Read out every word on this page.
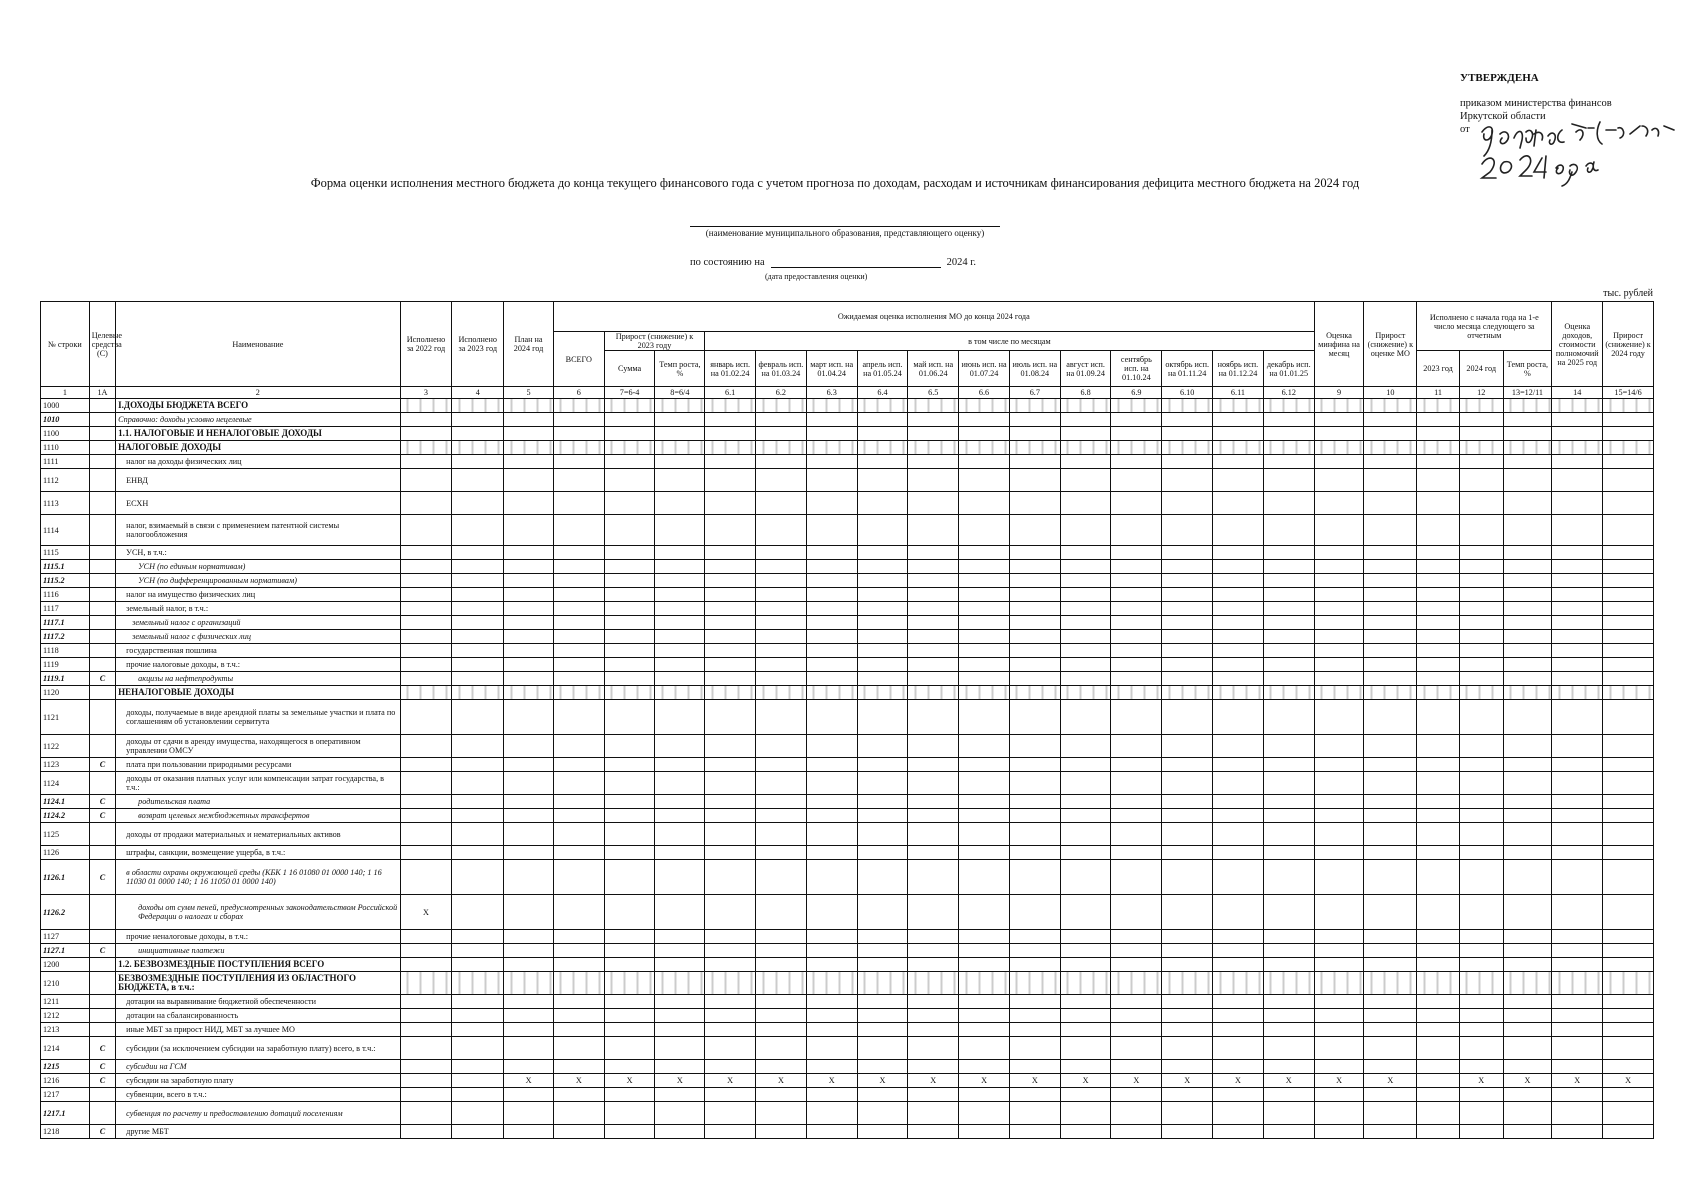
УТВЕРЖДЕНА
приказом министерства финансов
Иркутской области
от
Форма оценки исполнения местного бюджета до конца текущего финансового года с учетом прогноза по доходам, расходам и источникам финансирования дефицита местного бюджета на 2024 год
(наименование муниципального образования, представляющего оценку)
по состоянию на	2024 г.
(дата предоставления оценки)
тыс. рублей
№ строки	Целевые средства (С)	Наименование	Исполнено за 2022 год	Исполнено за 2023 год	План на 2024 год	Ожидаемая оценка исполнения МО до конца 2024 года															Оценка минфина на месяц	Прирост (снижение) к оценке МО	Исполнено с начала года на 1-е число месяца следующего за отчетным			Оценка доходов, стоимости полномочий на 2025 год	Прирост (снижение) к 2024 году
						ВСЕГО	Прирост (снижение) к 2023 году		в том числе по месяцам																		
							Сумма	Темп роста, %	январь исп. на 01.02.24	февраль исп. на 01.03.24	март исп. на 01.04.24	апрель исп. на 01.05.24	май исп. на 01.06.24	июнь исп. на 01.07.24	июль исп. на 01.08.24	август исп. на 01.09.24	сентябрь исп. на 01.10.24	октябрь исп. на 01.11.24	ноябрь исп. на 01.12.24	декабрь исп. на 01.01.25			2023 год	2024 год	Темп роста, %		
1	1А	2	3	4	5	6	7=6-4	8=6/4	6.1	6.2	6.3	6.4	6.5	6.6	6.7	6.8	6.9	6.10	6.11	6.12	9	10	11	12	13=12/11	14	15=14/6
1000		I.ДОХОДЫ БЮДЖЕТА ВСЕГО																									
1010		Справочно: доходы условно нецелевые																									
1100		1.1. НАЛОГОВЫЕ И НЕНАЛОГОВЫЕ ДОХОДЫ																									
1110		НАЛОГОВЫЕ ДОХОДЫ																									
1111		налог на доходы физических лиц																									
1112		ЕНВД																									
1113		ЕСХН																									
1114		налог, взимаемый в связи с применением патентной системы налогообложения																									
1115		УСН, в т.ч.:																									
1115.1		УСН (по единым нормативам)																									
1115.2		УСН (по дифференцированным нормативам)																									
1116		налог на имущество физических лиц																									
1117		земельный налог, в т.ч.:																									
1117.1		земельный налог с организаций																									
1117.2		земельный налог с физических лиц																									
1118		государственная пошлина																									
1119		прочие налоговые доходы, в т.ч.:																									
1119.1	С	акцизы на нефтепродукты																									
1120		НЕНАЛОГОВЫЕ ДОХОДЫ																									
1121		доходы, получаемые в виде арендной платы за земельные участки и плата по соглашениям об установлении сервитута																									
1122		доходы от сдачи в аренду имущества, находящегося в оперативном управлении ОМСУ																									
1123	С	плата при пользовании природными ресурсами																									
1124		доходы от оказания платных услуг или компенсации затрат государства, в т.ч.:																									
1124.1	С	родительская плата																									
1124.2	С	возврат целевых межбюджетных трансфертов																									
1125		доходы от продажи материальных и нематериальных активов																									
1126		штрафы, санкции, возмещение ущерба, в т.ч.:																									
1126.1	С	в области охраны окружающей среды (КБК 1 16 01080 01 0000 140; 1 16 11030 01 0000 140; 1 16 11050 01 0000 140)																									
1126.2		доходы от сумм пеней, предусмотренных законодательством Российской Федерации о налогах и сборах	Х																								
1127		прочие неналоговые доходы, в т.ч.:																									
1127.1	С	инициативные платежи																									
1200		1.2. БЕЗВОЗМЕЗДНЫЕ ПОСТУПЛЕНИЯ ВСЕГО																									
1210		БЕЗВОЗМЕЗДНЫЕ ПОСТУПЛЕНИЯ ИЗ ОБЛАСТНОГО БЮДЖЕТА, в т.ч.:																									
1211		дотации на выравнивание бюджетной обеспеченности																									
1212		дотации на сбалансированность																									
1213		иные МБТ за прирост НИД, МБТ за лучшее МО																									
1214	С	субсидии (за исключением субсидии на заработную плату) всего, в т.ч.:																									
1215	С	субсидии на ГСМ																									
1216	С	субсидии на заработную плату			Х	Х	Х	Х	Х	Х	Х	Х	Х	Х	Х	Х	Х	Х	Х	Х	Х	Х		Х	Х	Х	Х
1217		субвенции, всего в т.ч.:																									
1217.1		субвенция по расчету и предоставлению дотаций поселениям																									
1218	С	другие МБТ																									
